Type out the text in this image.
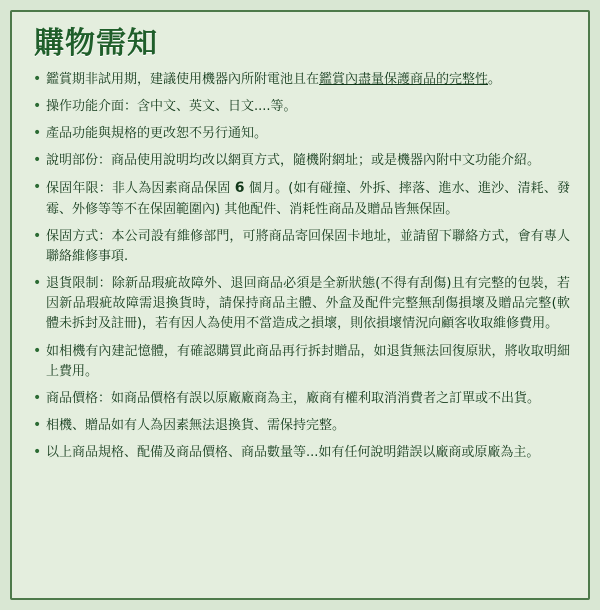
購物需知
• 鑑賞期非試用期，建議使用機器內所附電池且在鑑賞內盡量保護商品的完整性。
• 操作功能介面：含中文、英文、日文....等。
• 產品功能與規格的更改恕不另行通知。
• 說明部份：商品使用說明均改以網頁方式，隨機附網址；或是機器內附中文功能介紹。
• 保固年限：非人為因素商品保固 6 個月。(如有碰撞、外拆、摔落、進水、進沙、清耗、發霉、外修等等不在保固範圍內) 其他配件、消耗性商品及贈品皆無保固。
• 保固方式：本公司設有維修部門，可將商品寄回保固卡地址，並請留下聯絡方式，會有專人聯絡維修事項.
• 退貨限制：除新品瑕疵故障外、退回商品必須是全新狀態(不得有刮傷)且有完整的包裝，若因新品瑕疵故障需退換貨時，請保持商品主體、外盒及配件完整無刮傷損壞及贈品完整(軟體未拆封及註冊)，若有因人為使用不當造成之損壞，則依損壞情況向顧客收取維修費用。
• 如相機有內建記憶體，有確認購買此商品再行拆封贈品，如退貨無法回復原狀，將收取明細上費用。
• 商品價格：如商品價格有誤以原廠廠商為主，廠商有權利取消消費者之訂單或不出貨。
• 相機、贈品如有人為因素無法退換貨、需保持完整。
• 以上商品規格、配備及商品價格、商品數量等...如有任何說明錯誤以廠商或原廠為主。
